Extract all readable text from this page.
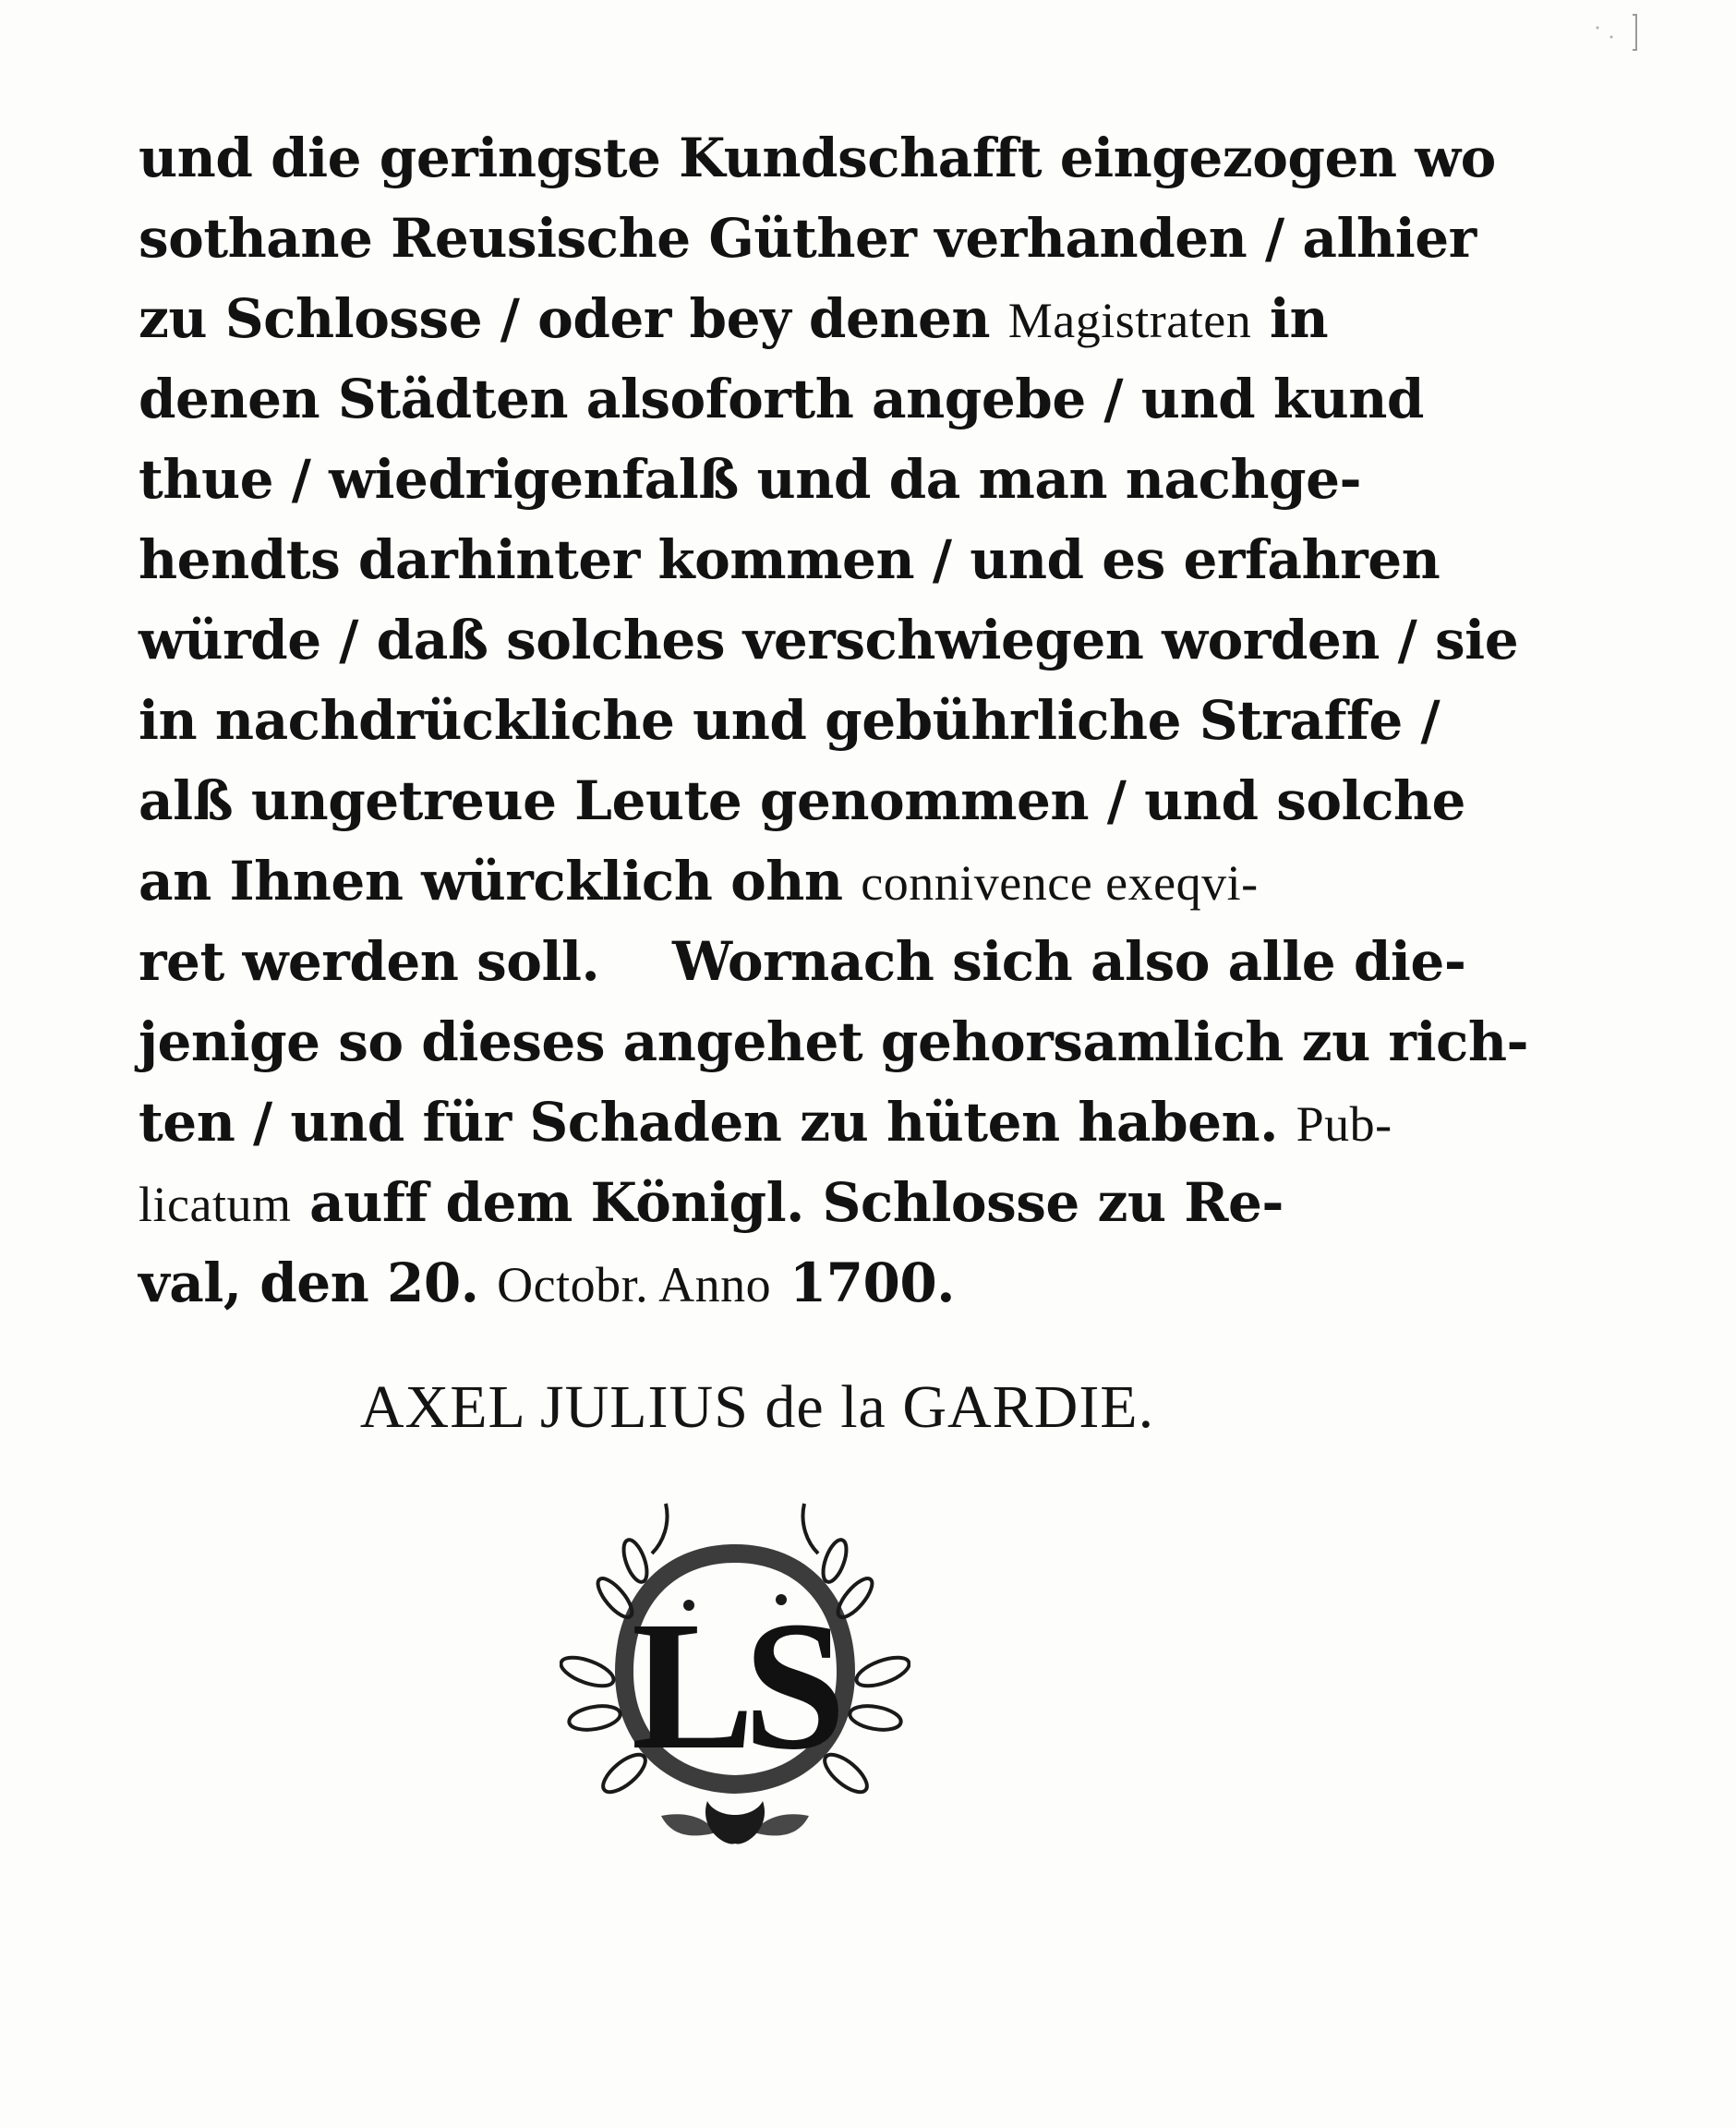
und die geringste Kundschafft eingezogen wo
sothane Reusische Güther verhanden / alhier
zu Schlosse / oder bey denen Magistraten in
denen Städten alsoforth angebe / und kund
thue / wiedrigenfalß und da man nachge-
hendts darhinter kommen / und es erfahren
würde / daß solches verschwiegen worden / sie
in nachdrückliche und gebührliche Straffe /
alß ungetreue Leute genommen / und solche
an Ihnen würcklich ohn connivence exeqvi-
ret werden soll.    Wornach sich also alle die-
jenige so dieses angehet gehorsamlich zu rich-
ten / und für Schaden zu hüten haben. Pub-
licatum auff dem Königl. Schlosse zu Re-
val, den 20. Octobr. Anno 1700.
AXEL JULIUS de la GARDIE.
LS
